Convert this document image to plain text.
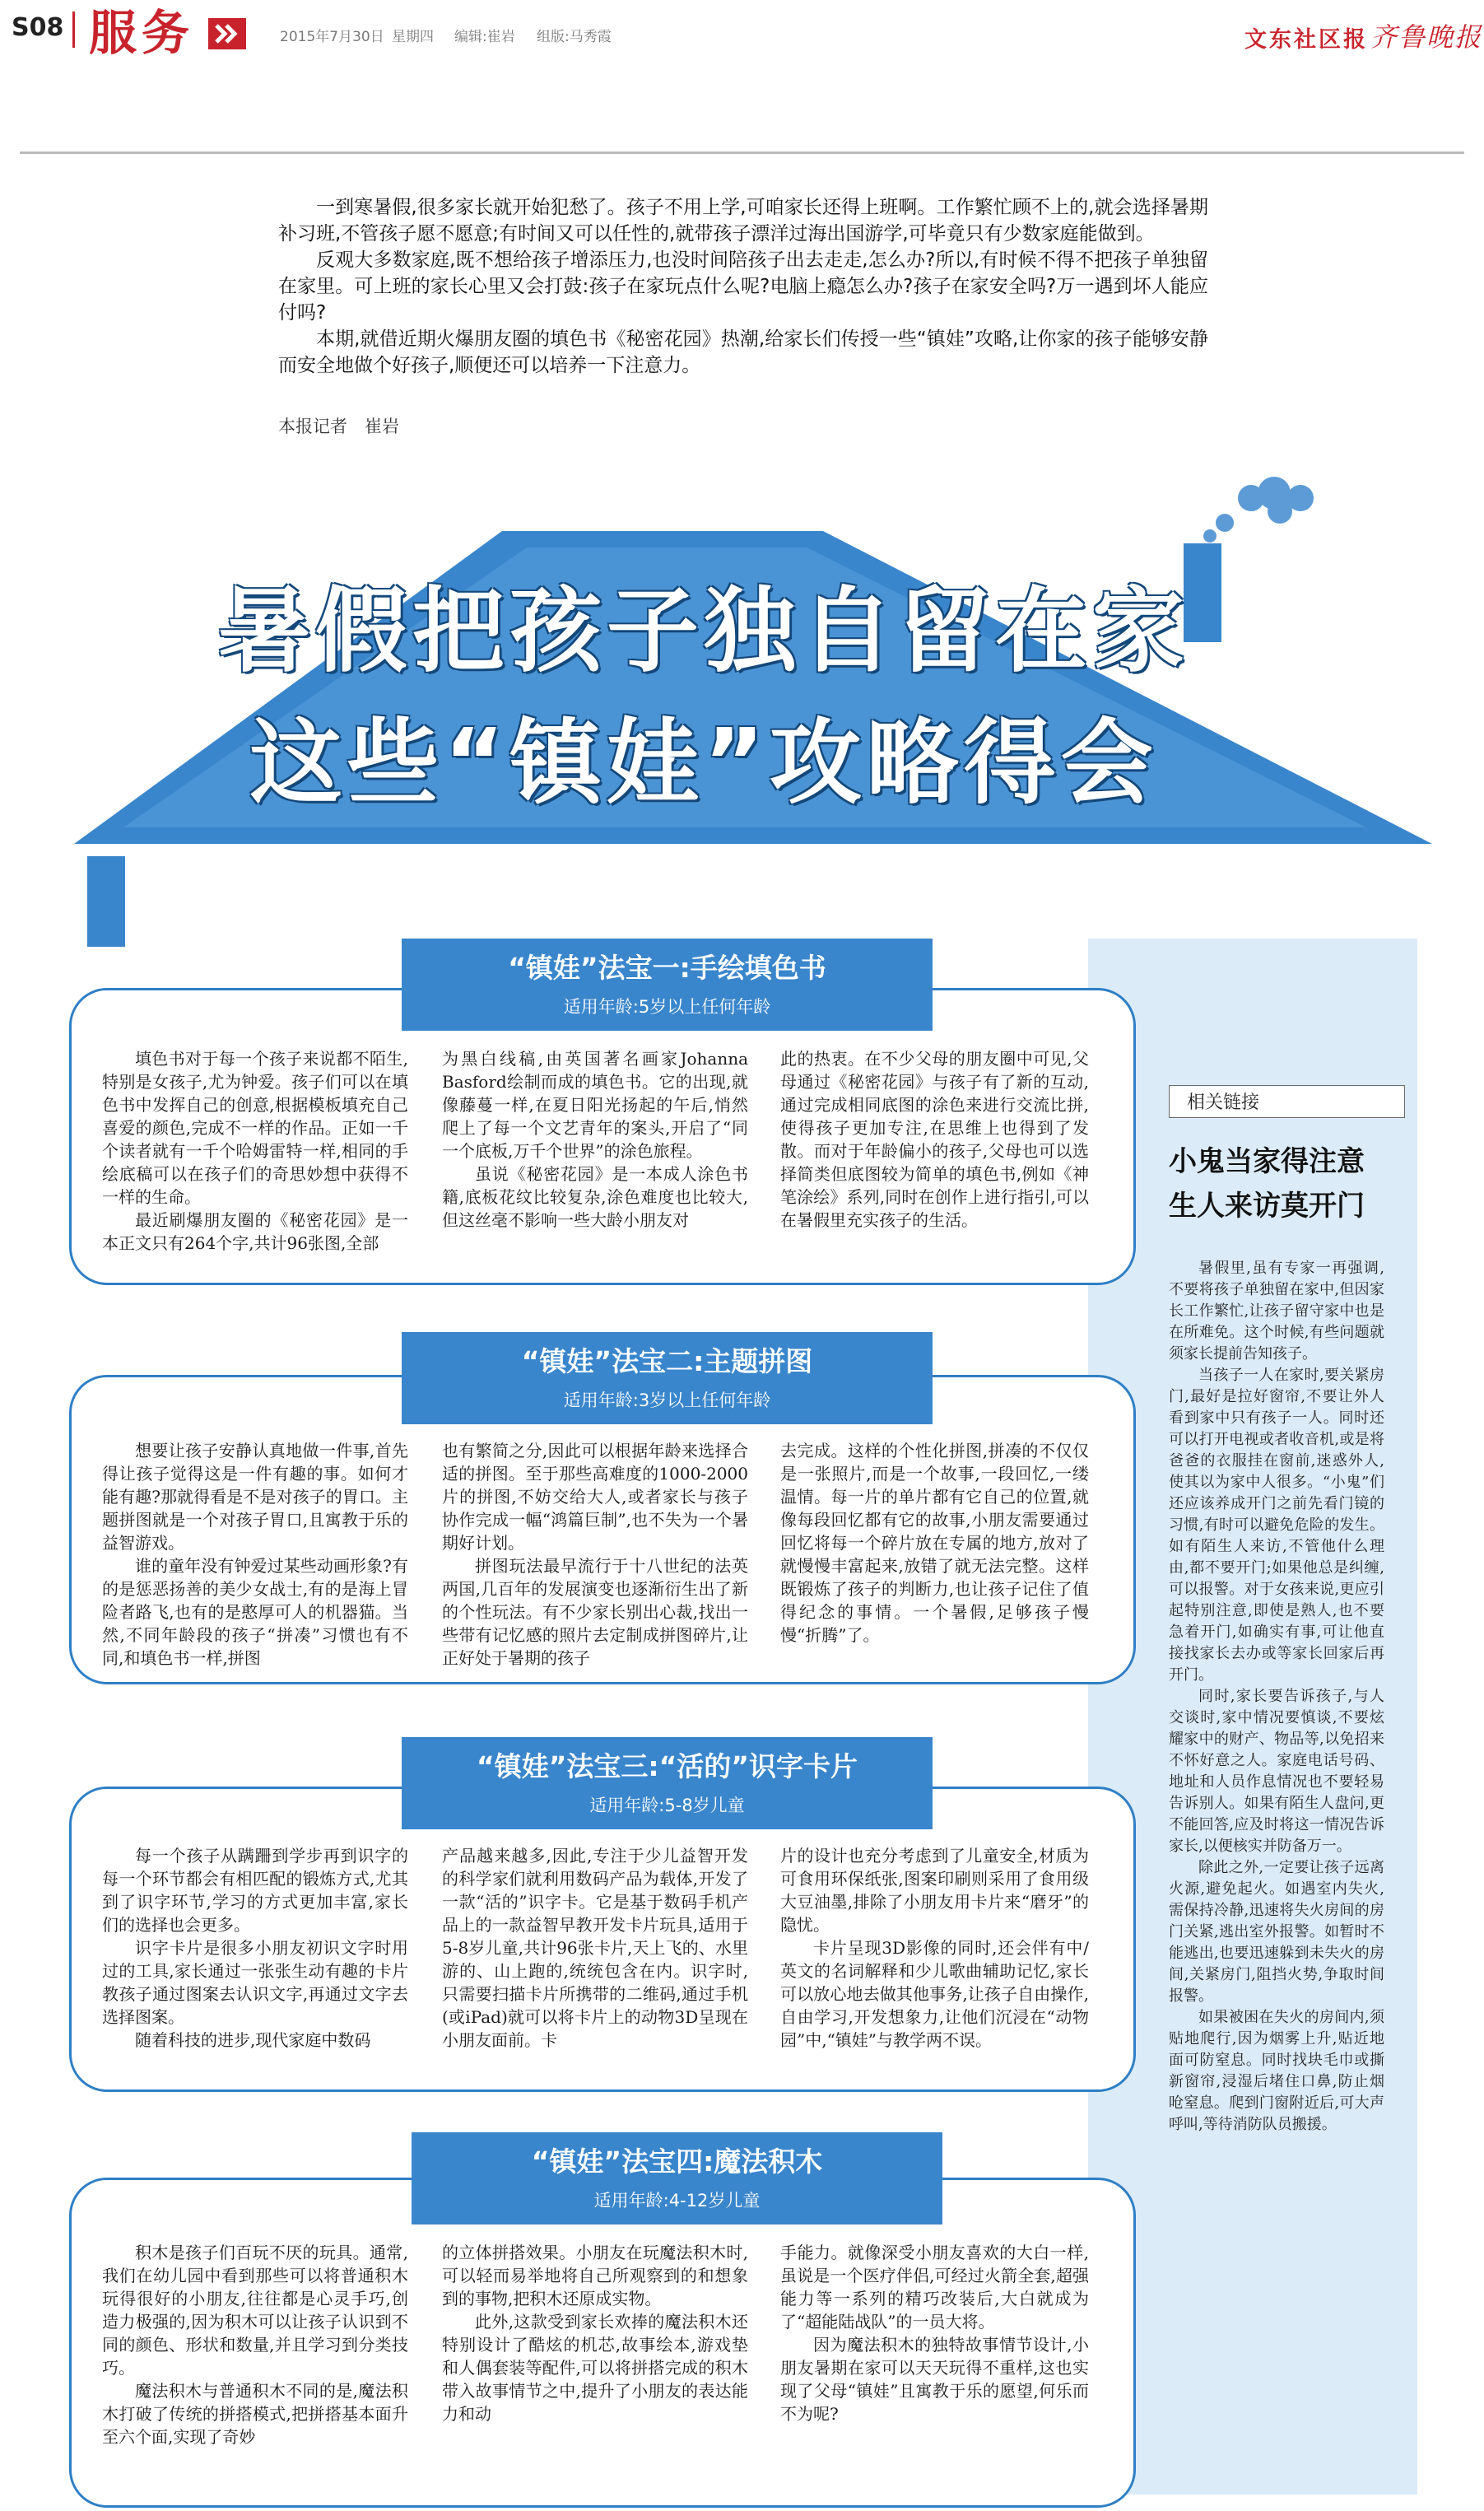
S08 服务	2015年7月30日 星期四 编辑:崔岩 组版:马秀霞	文东社区报 齐鲁晚报

一到寒暑假,很多家长就开始犯愁了。孩子不用上学,可咱家长还得上班啊。工作繁忙顾不上的,就会选择暑期补习班,不管孩子愿不愿意;有时间又可以任性的,就带孩子漂洋过海出国游学,可毕竟只有少数家庭能做到。

反观大多数家庭,既不想给孩子增添压力,也没时间陪孩子出去走走,怎么办?所以,有时候不得不把孩子单独留在家里。可上班的家长心里又会打鼓:孩子在家玩点什么呢?电脑上瘾怎么办?孩子在家安全吗?万一遇到坏人能应付吗?

本期,就借近期火爆朋友圈的填色书《秘密花园》热潮,给家长们传授一些“镇娃”攻略,让你家的孩子能够安静而安全地做个好孩子,顺便还可以培养一下注意力。

本报记者　崔岩
暑假把孩子独自留在家
这些“镇娃”攻略得会
相关链接
小鬼当家得注意
生人来访莫开门

暑假里,虽有专家一再强调,不要将孩子单独留在家中,但因家长工作繁忙,让孩子留守家中也是在所难免。这个时候,有些问题就须家长提前告知孩子。

当孩子一人在家时,要关紧房门,最好是拉好窗帘,不要让外人看到家中只有孩子一人。同时还可以打开电视或者收音机,或是将爸爸的衣服挂在窗前,迷惑外人,使其以为家中人很多。“小鬼”们还应该养成开门之前先看门镜的习惯,有时可以避免危险的发生。如有陌生人来访,不管他什么理由,都不要开门;如果他总是纠缠,可以报警。对于女孩来说,更应引起特别注意,即使是熟人,也不要急着开门,如确实有事,可让他直接找家长去办或等家长回家后再开门。

同时,家长要告诉孩子,与人交谈时,家中情况要慎谈,不要炫耀家中的财产、物品等,以免招来不怀好意之人。家庭电话号码、地址和人员作息情况也不要轻易告诉别人。如果有陌生人盘问,更不能回答,应及时将这一情况告诉家长,以便核实并防备万一。

除此之外,一定要让孩子远离火源,避免起火。如遇室内失火,需保持冷静,迅速将失火房间的房门关紧,逃出室外报警。如暂时不能逃出,也要迅速躲到未失火的房间,关紧房门,阻挡火势,争取时间报警。

如果被困在失火的房间内,须贴地爬行,因为烟雾上升,贴近地面可防窒息。同时找块毛巾或撕新窗帘,浸湿后堵住口鼻,防止烟呛窒息。爬到门窗附近后,可大声呼叫,等待消防队员搬援。

“镇娃”法宝一:手绘填色书
适用年龄:5岁以上任何年龄

填色书对于每一个孩子来说都不陌生,特别是女孩子,尤为钟爱。孩子们可以在填色书中发挥自己的创意,根据模板填充自己喜爱的颜色,完成不一样的作品。正如一千个读者就有一千个哈姆雷特一样,相同的手绘底稿可以在孩子们的奇思妙想中获得不一样的生命。

最近刷爆朋友圈的《秘密花园》是一本正文只有264个字,共计96张图,全部

为黑白线稿,由英国著名画家Johanna Basford绘制而成的填色书。它的出现,就像藤蔓一样,在夏日阳光扬起的午后,悄然爬上了每一个文艺青年的案头,开启了“同一个底板,万千个世界”的涂色旅程。

虽说《秘密花园》是一本成人涂色书籍,底板花纹比较复杂,涂色难度也比较大,但这丝毫不影响一些大龄小朋友对

此的热衷。在不少父母的朋友圈中可见,父母通过《秘密花园》与孩子有了新的互动,通过完成相同底图的涂色来进行交流比拼,使得孩子更加专注,在思维上也得到了发散。而对于年龄偏小的孩子,父母也可以选择简类但底图较为简单的填色书,例如《神笔涂绘》系列,同时在创作上进行指引,可以在暑假里充实孩子的生活。

“镇娃”法宝二:主题拼图
适用年龄:3岁以上任何年龄

想要让孩子安静认真地做一件事,首先得让孩子觉得这是一件有趣的事。如何才能有趣?那就得看是不是对孩子的胃口。主题拼图就是一个对孩子胃口,且寓教于乐的益智游戏。

谁的童年没有钟爱过某些动画形象?有的是惩恶扬善的美少女战士,有的是海上冒险者路飞,也有的是憨厚可人的机器猫。当然,不同年龄段的孩子“拼凑”习惯也有不同,和填色书一样,拼图

也有繁简之分,因此可以根据年龄来选择合适的拼图。至于那些高难度的1000-2000片的拼图,不妨交给大人,或者家长与孩子协作完成一幅“鸿篇巨制”,也不失为一个暑期好计划。

拼图玩法最早流行于十八世纪的法英两国,几百年的发展演变也逐渐衍生出了新的个性玩法。有不少家长别出心裁,找出一些带有记忆感的照片去定制成拼图碎片,让正好处于暑期的孩子

去完成。这样的个性化拼图,拼凑的不仅仅是一张照片,而是一个故事,一段回忆,一缕温情。每一片的单片都有它自己的位置,就像每段回忆都有它的故事,小朋友需要通过回忆将每一个碎片放在专属的地方,放对了就慢慢丰富起来,放错了就无法完整。这样既锻炼了孩子的判断力,也让孩子记住了值得纪念的事情。一个暑假,足够孩子慢慢“折腾”了。

“镇娃”法宝三:“活的”识字卡片
适用年龄:5-8岁儿童

每一个孩子从蹒跚到学步再到识字的每一个环节都会有相匹配的锻炼方式,尤其到了识字环节,学习的方式更加丰富,家长们的选择也会更多。

识字卡片是很多小朋友初识文字时用过的工具,家长通过一张张生动有趣的卡片教孩子通过图案去认识文字,再通过文字去选择图案。

随着科技的进步,现代家庭中数码

产品越来越多,因此,专注于少儿益智开发的科学家们就利用数码产品为载体,开发了一款“活的”识字卡。它是基于数码手机产品上的一款益智早教开发卡片玩具,适用于5-8岁儿童,共计96张卡片,天上飞的、水里游的、山上跑的,统统包含在内。识字时,只需要扫描卡片所携带的二维码,通过手机(或iPad)就可以将卡片上的动物3D呈现在小朋友面前。卡

片的设计也充分考虑到了儿童安全,材质为可食用环保纸张,图案印刷则采用了食用级大豆油墨,排除了小朋友用卡片来“磨牙”的隐忧。

卡片呈现3D影像的同时,还会伴有中/英文的名词解释和少儿歌曲辅助记忆,家长可以放心地去做其他事务,让孩子自由操作,自由学习,开发想象力,让他们沉浸在“动物园”中,“镇娃”与教学两不误。

“镇娃”法宝四:魔法积木
适用年龄:4-12岁儿童

积木是孩子们百玩不厌的玩具。通常,我们在幼儿园中看到那些可以将普通积木玩得很好的小朋友,往往都是心灵手巧,创造力极强的,因为积木可以让孩子认识到不同的颜色、形状和数量,并且学习到分类技巧。

魔法积木与普通积木不同的是,魔法积木打破了传统的拼搭模式,把拼搭基本面升至六个面,实现了奇妙

的立体拼搭效果。小朋友在玩魔法积木时,可以轻而易举地将自己所观察到的和想象到的事物,把积木还原成实物。

此外,这款受到家长欢捧的魔法积木还特别设计了酷炫的机芯,故事绘本,游戏垫和人偶套装等配件,可以将拼搭完成的积木带入故事情节之中,提升了小朋友的表达能力和动

手能力。就像深受小朋友喜欢的大白一样,虽说是一个医疗伴侣,可经过火箭全套,超强能力等一系列的精巧改装后,大白就成为了“超能陆战队”的一员大将。

因为魔法积木的独特故事情节设计,小朋友暑期在家可以天天玩得不重样,这也实现了父母“镇娃”且寓教于乐的愿望,何乐而不为呢?
